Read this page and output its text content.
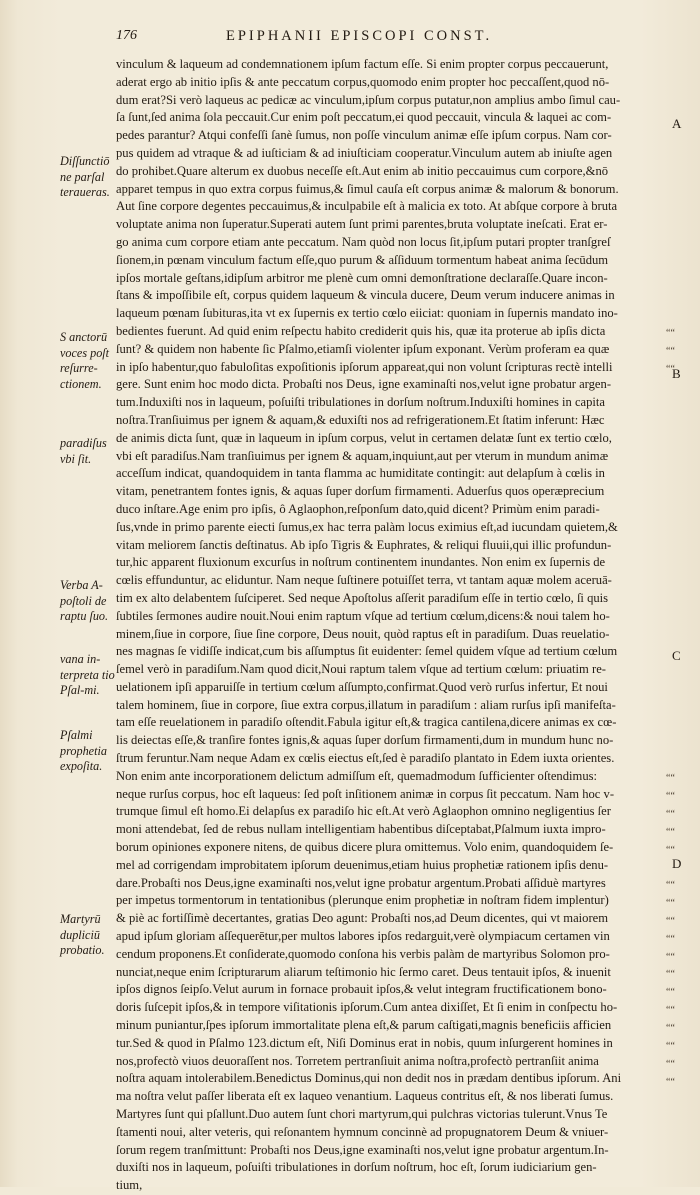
176	EPIPHANII EPISCOPI CONST.
vinculum & laqueum ad condemnationem ipſum factum eſſe. Si enim propter corpus peccauerunt,
aderat ergo ab initio ipſis & ante peccatum corpus,quomodo enim propter hoc peccaſſent,quod nō-
dum erat?Si verò laqueus ac pedicæ ac vinculum,ipſum corpus putatur,non amplius ambo ſimul cau-
ſa ſunt,ſed anima ſola peccauit.Cur enim poſt peccatum,ei quod peccauit, vincula & laquei ac com-
pedes parantur? Atqui confeſſi ſanè ſumus, non poſſe vinculum animæ eſſe ipſum corpus. Nam cor-
pus quidem ad vtraque & ad iuſticiam & ad iniuſticiam cooperatur.Vinculum autem ab iniuſte agen
do prohibet.Quare alterum ex duobus neceſſe eſt.Aut enim ab initio peccauimus cum corpore,&nō
apparet tempus in quo extra corpus fuimus,& ſimul cauſa eſt corpus animæ & malorum & bonorum.
Aut ſine corpore degentes peccauimus,& inculpabile eſt à malicia ex toto. At abſque corpore à bruta
voluptate anima non ſuperatur.Superati autem ſunt primi parentes,bruta voluptate ineſcati. Erat er-
go anima cum corpore etiam ante peccatum. Nam quòd non locus ſit,ipſum putari propter tranſgreſ
ſionem,in pœnam vinculum factum eſſe,quo purum & aſſiduum tormentum habeat anima ſecūdum
ipſos mortale geſtans,idipſum arbitror me plenè cum omni demonſtratione declaraſſe.Quare incon-
ſtans & impoſſibile eſt, corpus quidem laqueum & vincula ducere, Deum verum inducere animas in
laqueum pœnam ſubituras,ita vt ex ſupernis ex tertio cœlo eiiciat: quoniam in ſupernis mandato ino-
bedientes fuerunt. Ad quid enim reſpectu habito crediderit quis his, quæ ita proterue ab ipſis dicta
ſunt? & quidem non habente ſic Pſalmo,etiamſi violenter ipſum exponant. Verùm proferam ea quæ
in ipſo habentur,quo fabuloſitas expoſitionis ipſorum appareat,qui non volunt ſcripturas rectè intelli
gere. Sunt enim hoc modo dicta. Probaſti nos Deus, igne examinaſti nos,velut igne probatur argen-
tum.Induxiſti nos in laqueum, poſuiſti tribulationes in dorſum noſtrum.Induxiſti homines in capita
noſtra.Tranſiuimus per ignem & aquam,& eduxiſti nos ad refrigerationem.Et ſtatim inferunt: Hæc
de animis dicta ſunt, quæ in laqueum in ipſum corpus, velut in certamen delatæ ſunt ex tertio cœlo,
vbi eſt paradiſus.Nam tranſiuimus per ignem & aquam,inquiunt,aut per vterum in mundum animæ
acceſſum indicat, quandoquidem in tanta flamma ac humiditate contingit: aut delapſum à cœlis in
vitam, penetrantem fontes ignis, & aquas ſuper dorſum firmamenti. Aduerſus quos operæprecium
duco inſtare.Age enim pro ipſis, ô Aglaophon,reſponſum dato,quid dicent? Primùm enim paradi-
ſus,vnde in primo parente eiecti ſumus,ex hac terra palàm locus eximius eſt,ad iucundam quietem,&
vitam meliorem ſanctis deſtinatus. Ab ipſo Tigris & Euphrates, & reliqui fluuii,qui illic profundun-
tur,hic apparent fluxionum excurſus in noſtrum continentem inundantes. Non enim ex ſupernis de
cœlis effunduntur, ac eliduntur. Nam neque ſuſtinere potuiſſet terra, vt tantam aquæ molem aceruā-
tim ex alto delabentem ſuſciperet. Sed neque Apoſtolus aſſerit paradiſum eſſe in tertio cœlo, ſi quis
ſubtiles ſermones audire nouit.Noui enim raptum vſque ad tertium cœlum,dicens:& noui talem ho-
minem,ſiue in corpore, ſiue ſine corpore, Deus nouit, quòd raptus eſt in paradiſum. Duas reuelatio-
nes magnas ſe vidiſſe indicat,cum bis aſſumptus ſit euidenter: ſemel quidem vſque ad tertium cœlum
ſemel verò in paradiſum.Nam quod dicit,Noui raptum talem vſque ad tertium cœlum: priuatim re-
uelationem ipſi apparuiſſe in tertium cœlum aſſumpto,confirmat.Quod verò rurſus infertur, Et noui
talem hominem, ſiue in corpore, ſiue extra corpus,illatum in paradiſum : aliam rurſus ipſi manifeſta-
tam eſſe reuelationem in paradiſo oſtendit.Fabula igitur eſt,& tragica cantilena,dicere animas ex cœ-
lis deiectas eſſe,& tranſire fontes ignis,& aquas ſuper dorſum firmamenti,dum in mundum hunc no-
ſtrum feruntur.Nam neque Adam ex cœlis eiectus eſt,ſed è paradiſo plantato in Edem iuxta orientes.
Non enim ante incorporationem delictum admiſſum eſt, quemadmodum ſufficienter oſtendimus:
neque rurſus corpus, hoc eſt laqueus: ſed poſt inſitionem animæ in corpus ſit peccatum. Nam hoc v-
trumque ſimul eſt homo.Ei delapſus ex paradiſo hic eſt.At verò Aglaophon omnino negligentius ſer
moni attendebat, ſed de rebus nullam intelligentiam habentibus diſceptabat,Pſalmum iuxta impro-
borum opiniones exponere nitens, de quibus dicere plura omittemus. Volo enim, quandoquidem ſe-
mel ad corrigendam improbitatem ipſorum deuenimus,etiam huius prophetiæ rationem ipſis denu-
dare.Probaſti nos Deus,igne examinaſti nos,velut igne probatur argentum.Probati aſſiduè martyres
per impetus tormentorum in tentationibus (plerunque enim prophetiæ in noſtram fidem implentur)
& piè ac fortiſſimè decertantes, gratias Deo agunt: Probaſti nos,ad Deum dicentes, qui vt maiorem
apud ipſum gloriam aſſequerētur,per multos labores ipſos redarguit,verè olympiacum certamen vin
cendum proponens.Et conſiderate,quomodo conſona his verbis palàm de martyribus Solomon pro-
nunciat,neque enim ſcripturarum aliarum teſtimonio hic ſermo caret. Deus tentauit ipſos, & inuenit
ipſos dignos ſeipſo.Velut aurum in fornace probauit ipſos,& velut integram fructificationem bono-
doris ſuſcepit ipſos,& in tempore viſitationis ipſorum.Cum antea dixiſſet, Et ſi enim in conſpectu ho-
minum puniantur,ſpes ipſorum immortalitate plena eſt,& parum caſtigati,magnis beneficiis afficien
tur.Sed & quod in Pſalmo 123.dictum eſt, Niſi Dominus erat in nobis, quum inſurgerent homines in
nos,profectò viuos deuoraſſent nos. Torretem pertranſiuit anima noſtra,profectò pertranſiit anima
noſtra aquam intolerabilem.Benedictus Dominus,qui non dedit nos in prædam dentibus ipſorum. Ani
ma noſtra velut paſſer liberata eſt ex laqueo venantium. Laqueus contritus eſt, & nos liberati ſumus.
Martyres ſunt qui pſallunt.Duo autem ſunt chori martyrum,qui pulchras victorias tulerunt.Vnus Te
ſtamenti noui, alter veteris, qui reſonantem hymnum concinnè ad propugnatorem Deum & vniuer-
ſorum regem tranſmittunt: Probaſti nos Deus,igne examinaſti nos,velut igne probatur argentum.In-
duxiſti nos in laqueum, poſuiſti tribulationes in dorſum noſtrum, hoc eſt, ſorum iudiciarium gen-
tium,
Diſſunctiō ne parſal teraueras.
S anctorū voces poſt reſurre-ctionem.
paradiſus vbi ſit.
Verba A-poſtoli de raptu ſuo.
vana in-terpreta tio Pſal-mi.
Pſalmi prophetia expoſita.
Martyrū dupliciū probatio.
““
““
““
““
““
““
““
““
““
““
““
““
““
““
““
““
““
““
““
““
A
B
C
D
